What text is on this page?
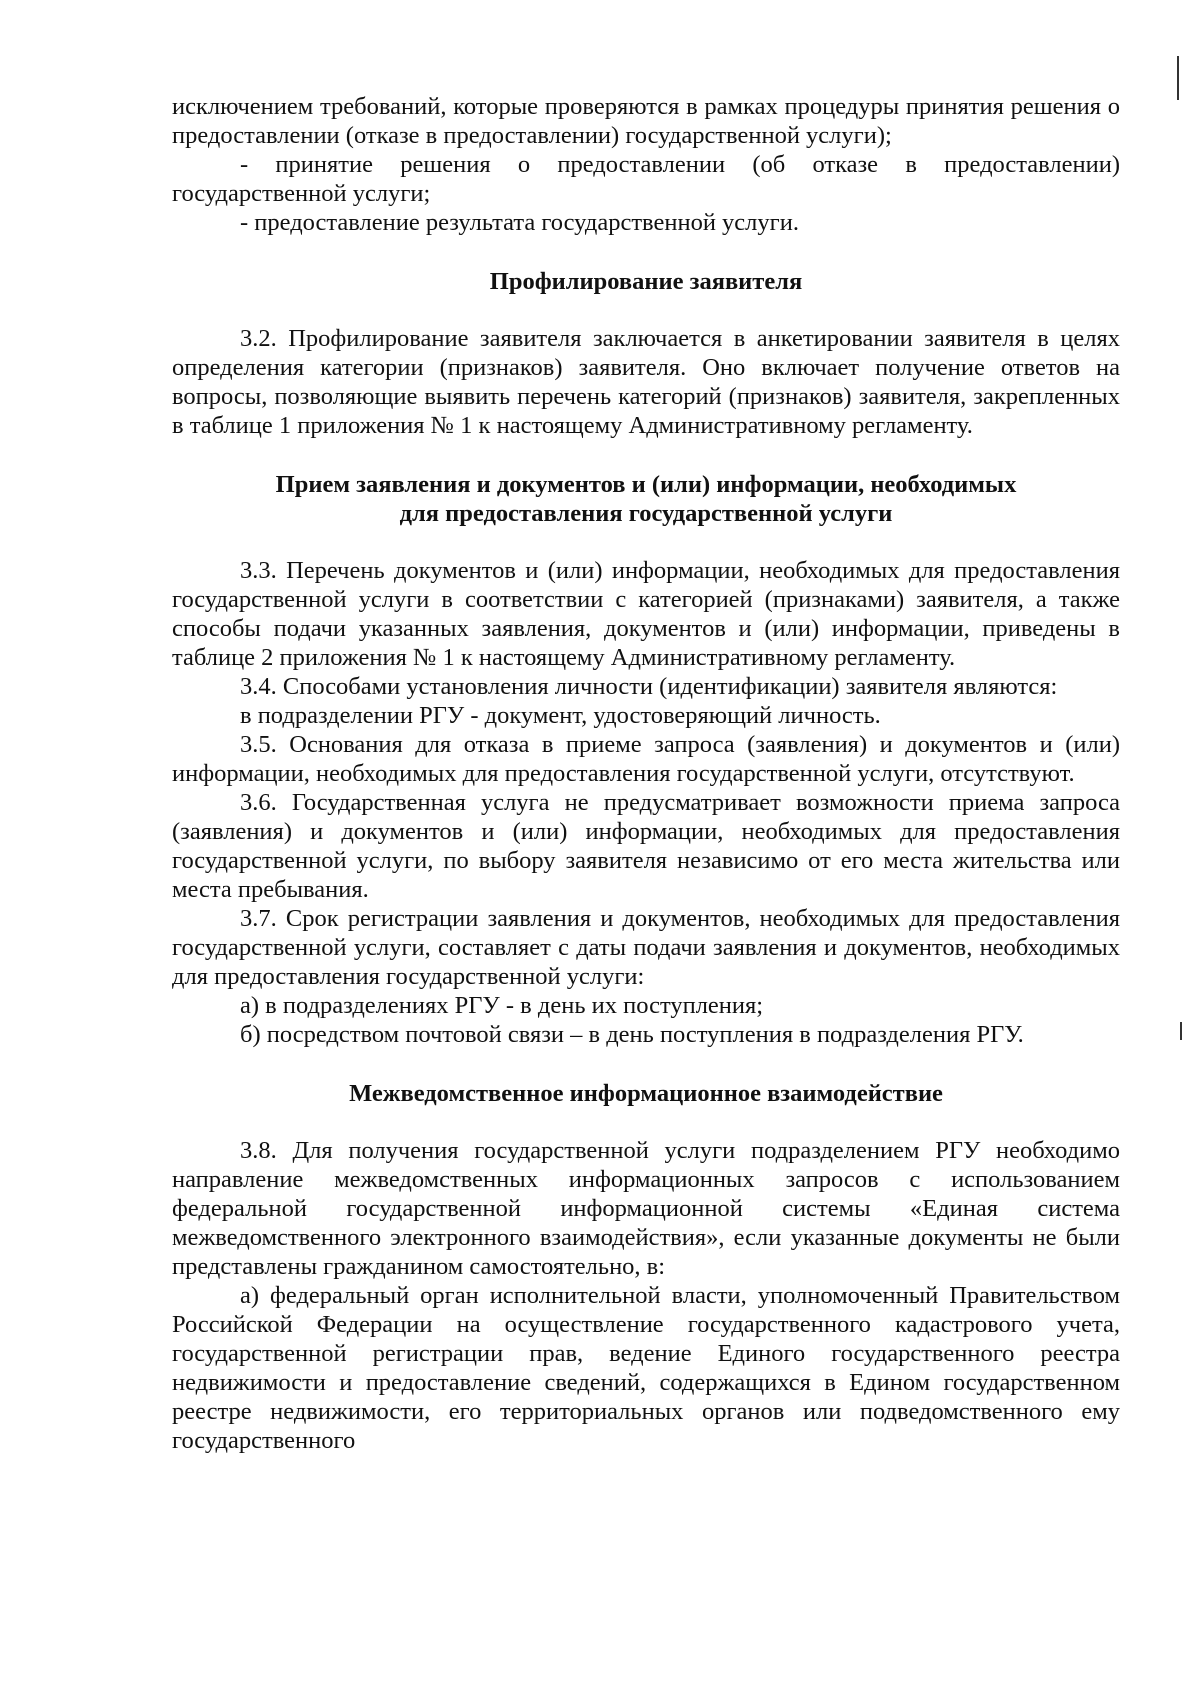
исключением требований, которые проверяются в рамках процедуры принятия решения о предоставлении (отказе в предоставлении) государственной услуги);

- принятие решения о предоставлении (об отказе в предоставлении) государственной услуги;

- предоставление результата государственной услуги.

Профилирование заявителя

3.2. Профилирование заявителя заключается в анкетировании заявителя в целях определения категории (признаков) заявителя. Оно включает получение ответов на вопросы, позволяющие выявить перечень категорий (признаков) заявителя, закрепленных в таблице 1 приложения № 1 к настоящему Административному регламенту.

Прием заявления и документов и (или) информации, необходимых

для предоставления государственной услуги

3.3. Перечень документов и (или) информации, необходимых для предоставления государственной услуги в соответствии с категорией (признаками) заявителя, а также способы подачи указанных заявления, документов и (или) информации, приведены в таблице 2 приложения № 1 к настоящему Административному регламенту.

3.4. Способами установления личности (идентификации) заявителя являются:

в подразделении РГУ - документ, удостоверяющий личность.

3.5. Основания для отказа в приеме запроса (заявления) и документов и (или) информации, необходимых для предоставления государственной услуги, отсутствуют.

3.6. Государственная услуга не предусматривает возможности приема запроса (заявления) и документов и (или) информации, необходимых для предоставления государственной услуги, по выбору заявителя независимо от его места жительства или места пребывания.

3.7. Срок регистрации заявления и документов, необходимых для предоставления государственной услуги, составляет с даты подачи заявления и документов, необходимых для предоставления государственной услуги:

а) в подразделениях РГУ - в день их поступления;

б) посредством почтовой связи – в день поступления в подразделения РГУ.

Межведомственное информационное взаимодействие

3.8. Для получения государственной услуги подразделением РГУ необходимо направление межведомственных информационных запросов с использованием федеральной государственной информационной системы «Единая система межведомственного электронного взаимодействия», если указанные документы не были представлены гражданином самостоятельно, в:

а) федеральный орган исполнительной власти, уполномоченный Правительством Российской Федерации на осуществление государственного кадастрового учета, государственной регистрации прав, ведение Единого государственного реестра недвижимости и предоставление сведений, содержащихся в Едином государственном реестре недвижимости, его территориальных органов или подведомственного ему государственного
